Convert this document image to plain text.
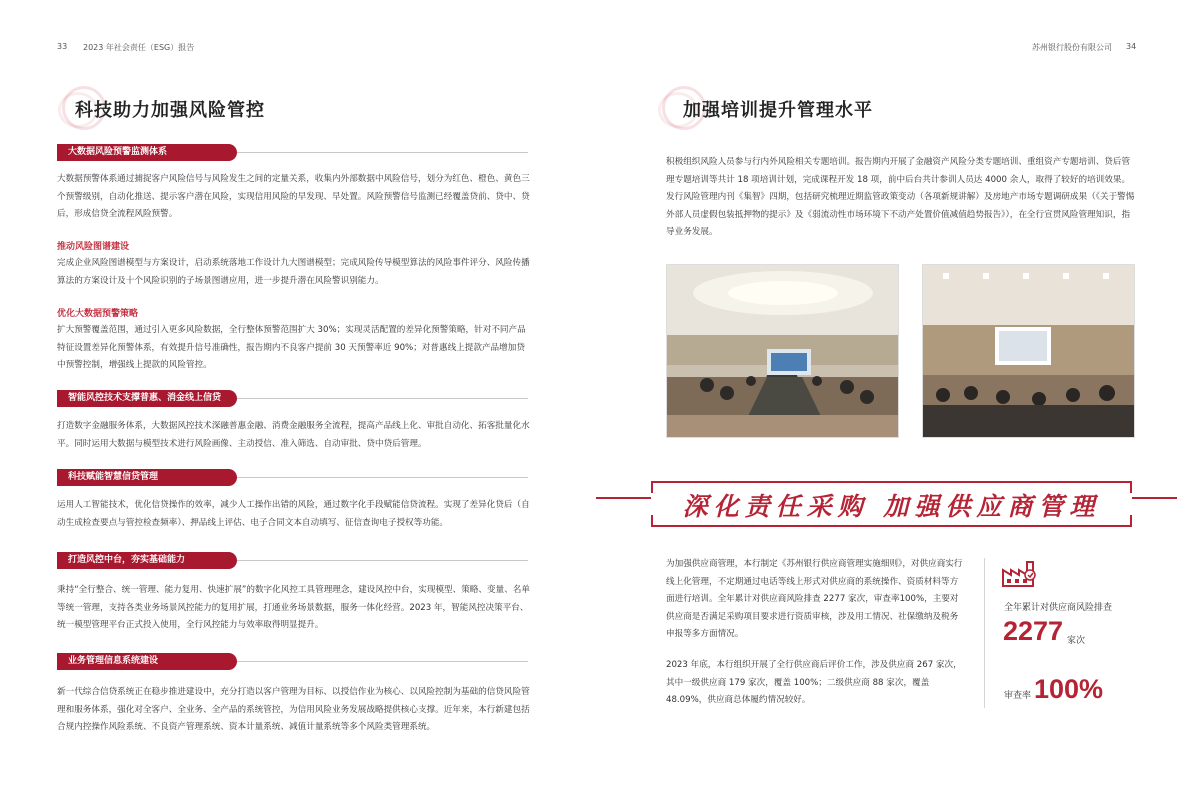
33 2023 年社会责任（ESG）报告	苏州银行股份有限公司 34
科技助力加强风险管控
大数据风险预警监测体系
大数据预警体系通过捕捉客户风险信号与风险发生之间的定量关系，收集内外部数据中风险信号，划分为红色、橙色、黄色三个预警级别，自动化推送、提示客户潜在风险，实现信用风险的早发现、早处置。风险预警信号监测已经覆盖贷前、贷中、贷后，形成信贷全流程风险预警。
推动风险图谱建设
完成企业风险图谱模型与方案设计，启动系统落地工作设计九大图谱模型；完成风险传导模型算法的风险事件评分、风险传播算法的方案设计及十个风险识别的子场景图谱应用，进一步提升潜在风险警识别能力。
优化大数据预警策略
扩大预警覆盖范围，通过引入更多风险数据，全行整体预警范围扩大 30%；实现灵活配置的差异化预警策略，针对不同产品特征设置差异化预警体系，有效提升信号准确性，报告期内不良客户提前 30 天预警率近 90%；对普惠线上提款产品增加贷中预警控制，增强线上提款的风险管控。
智能风控技术支撑普惠、消金线上信贷
打造数字金融服务体系，大数据风控技术深融普惠金融、消费金融服务全流程，提高产品线上化、审批自动化、拓客批量化水平。同时运用大数据与模型技术进行风险画像、主动授信、准入筛选、自动审批、贷中贷后管理。
科技赋能智慧信贷管理
运用人工智能技术，优化信贷操作的效率，减少人工操作出错的风险，通过数字化手段赋能信贷流程。实现了差异化贷后（自动生成检查要点与管控检查频率）、押品线上评估、电子合同文本自动填写、征信查询电子授权等功能。
打造风控中台，夯实基础能力
秉持“全行整合、统一管理、能力复用、快速扩展”的数字化风控工具管理理念，建设风控中台，实现模型、策略、变量、名单等统一管理，支持各类业务场景风控能力的复用扩展，打通业务场景数据，服务一体化经营。2023 年，智能风控决策平台、统一模型管理平台正式投入使用，全行风控能力与效率取得明显提升。
业务管理信息系统建设
新一代综合信贷系统正在稳步推进建设中，充分打造以客户管理为目标、以授信作业为核心、以风险控制为基础的信贷风险管理和服务体系，强化对全客户、全业务、全产品的系统管控，为信用风险业务发展战略提供核心支撑。近年来，本行新建包括合规内控操作风险系统、不良资产管理系统、资本计量系统、减值计量系统等多个风险类管理系统。
加强培训提升管理水平
积极组织风险人员参与行内外风险相关专题培训。报告期内开展了金融资产风险分类专题培训、重组资产专题培训、贷后管理专题培训等共计 18 项培训计划，完成课程开发 18 项，前中后台共计参训人员达 4000 余人，取得了较好的培训效果。发行风险管理内刊《集智》四期，包括研究梳理近期监管政策变动（各项新规讲解）及房地产市场专题调研成果（《关于警惕外部人员虚假包装抵押物的提示》及《弱流动性市场环境下不动产处置价值减值趋势报告》），在全行宣贯风险管理知识，指导业务发展。
深化责任采购 加强供应商管理
为加强供应商管理，本行制定《苏州银行供应商管理实施细则》，对供应商实行线上化管理，不定期通过电话等线上形式对供应商的系统操作、资质材料等方面进行培训。全年累计对供应商风险排查 2277 家次，审查率100%，主要对供应商是否满足采购项目要求进行资质审核，涉及用工情况、社保缴纳及税务申报等多方面情况。
2023 年底，本行组织开展了全行供应商后评价工作，涉及供应商 267 家次，其中一级供应商 179 家次，覆盖 100%；二级供应商 88 家次，覆盖 48.09%，供应商总体履约情况较好。
全年累计对供应商风险排查
2277 家次
审查率 100%
